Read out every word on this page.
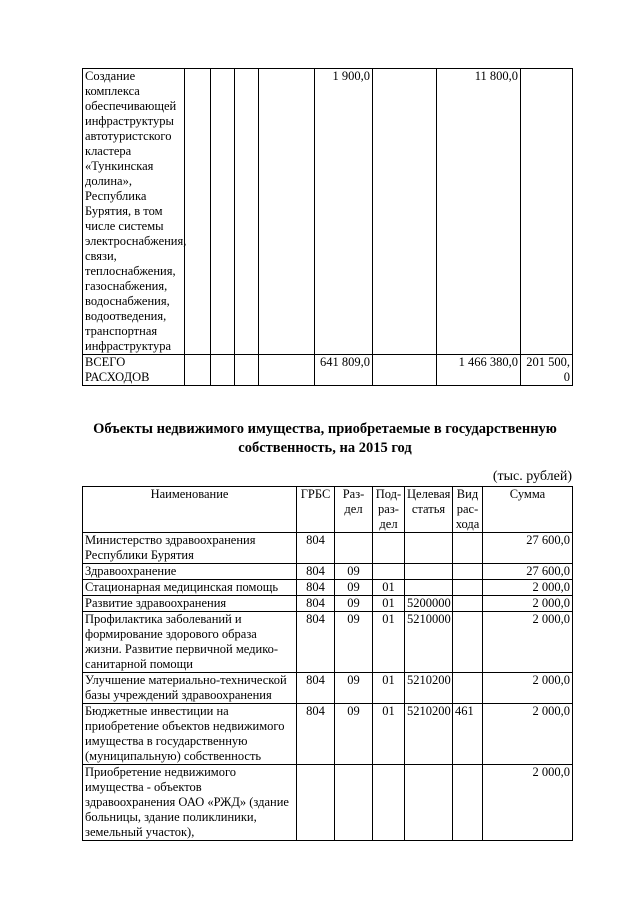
Создание комплекса обеспечивающей инфраструктуры автотуристского кластера «Тункинская долина», Республика Бурятия, в том числе системы электроснабжения, связи, теплоснабжения, газоснабжения, водоснабжения, водоотведения, транспортная инфраструктура					1 900,0		11 800,0	
ВСЕГО РАСХОДОВ					641 809,0		1 466 380,0	201 500,0
Объекты недвижимого имущества, приобретаемые в государственную собственность, на 2015 год
(тыс. рублей)
Наименование	ГРБС	Раз-дел	Под-раз-дел	Целевая статья	Вид рас-хода	Сумма
Министерство здравоохранения Республики Бурятия	804					27 600,0
Здравоохранение	804	09				27 600,0
Стационарная медицинская помощь	804	09	01			2 000,0
Развитие здравоохранения	804	09	01	5200000		2 000,0
Профилактика заболеваний и формирование здорового образа жизни. Развитие первичной медико-санитарной помощи	804	09	01	5210000		2 000,0
Улучшение материально-технической базы учреждений здравоохранения	804	09	01	5210200		2 000,0
Бюджетные инвестиции на приобретение объектов недвижимого имущества в государственную (муниципальную) собственность	804	09	01	5210200	461	2 000,0
Приобретение недвижимого имущества - объектов здравоохранения ОАО «РЖД» (здание больницы, здание поликлиники, земельный участок),						2 000,0
